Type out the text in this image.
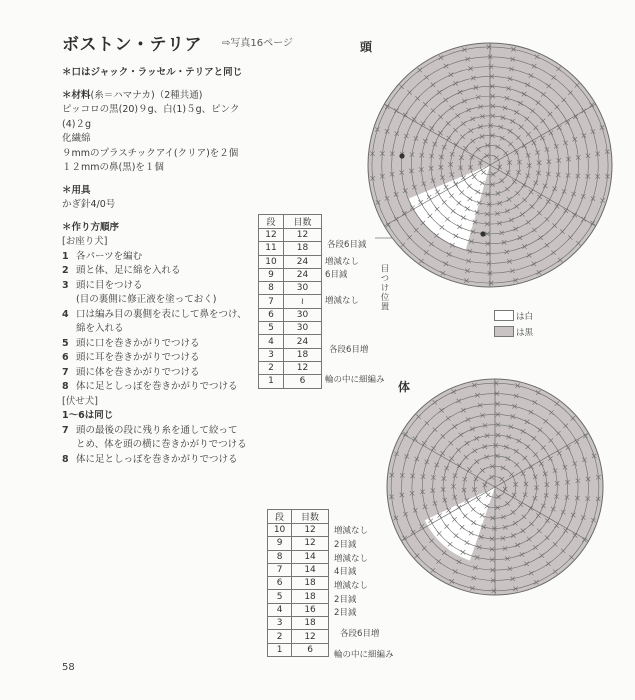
ボストン・テリア ⇨写真16ページ
＊口はジャック・ラッセル・テリアと同じ
＊材料(糸＝ハマナカ)（2種共通)
ピッコロの黒(20)９g、白(1)５g、ピンク(4)２g
化繊綿
９mmのプラスチックアイ(クリア)を２個
１２mmの鼻(黒)を１個
＊用具
かぎ針4/0号
＊作り方順序
[お座り犬]
1 各パーツを編む
2 頭と体、足に綿を入れる
3 頭に目をつける
(目の裏側に修正液を塗っておく)
4 口は編み目の裏側を表にして鼻をつけ、
綿を入れる
5 頭に口を巻きかがりでつける
6 頭に耳を巻きかがりでつける
7 頭に体を巻きかがりでつける
8 体に足としっぽを巻きかがりでつける
[伏せ犬]
1〜6は同じ
7 頭の最後の段に残り糸を通して絞って
とめ、体を頭の横に巻きかがりでつける
8 体に足としっぽを巻きかがりでつける
段	目数
12	12
11	18
10	24
9	24
8	30
7	≀
6	30
5	30
4	24
3	18
2	12
1	6
各段6目減
増減なし
6目減
増減なし
各段6目増
輪の中に細編み
段	目数
10	12
9	12
8	14
7	14
6	18
5	18
4	16
3	18
2	12
1	6
増減なし
2目減
増減なし
4目減
増減なし
2目減
2目減
各段6目増
輪の中に細編み
頭
目つけ位置
体
は白
は黒
58
